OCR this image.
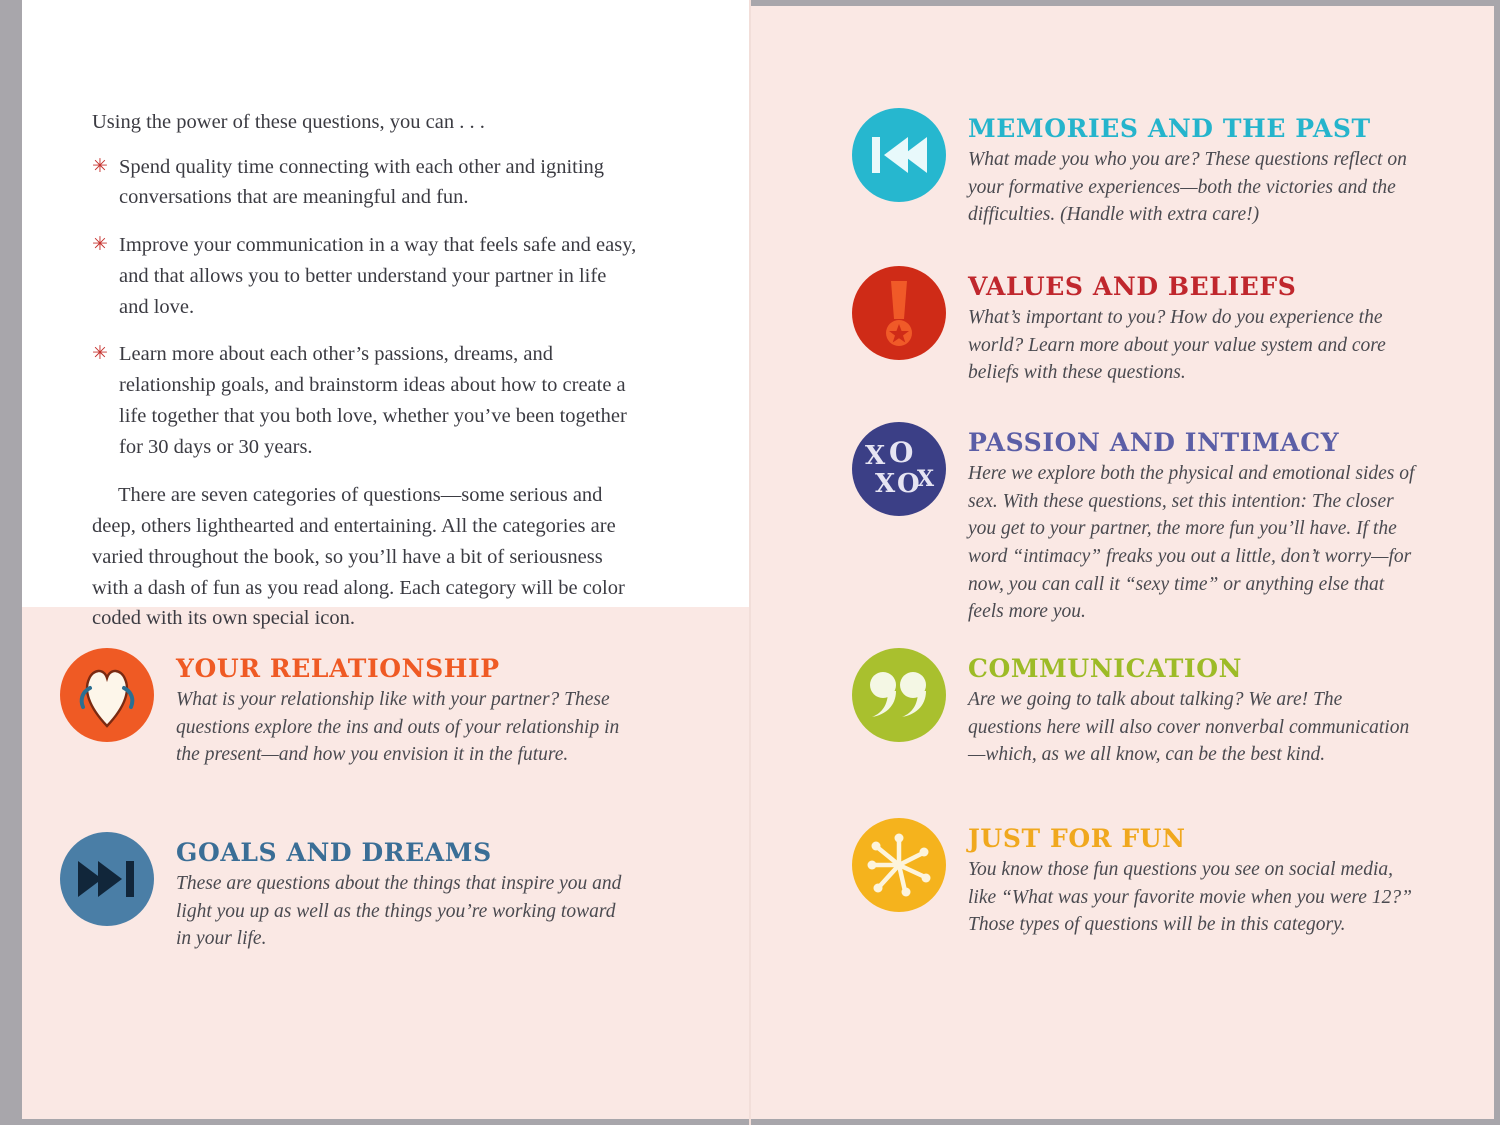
Using the power of these questions, you can . . .

✳ Spend quality time connecting with each other and igniting conversations that are meaningful and fun.
✳ Improve your communication in a way that feels safe and easy, and that allows you to better understand your partner in life and love.
✳ Learn more about each other’s passions, dreams, and relationship goals, and brainstorm ideas about how to create a life together that you both love, whether you’ve been together for 30 days or 30 years.

There are seven categories of questions—some serious and deep, others lighthearted and entertaining. All the categories are varied throughout the book, so you’ll have a bit of seriousness with a dash of fun as you read along. Each category will be color coded with its own special icon.

YOUR RELATIONSHIP

What is your relationship like with your partner? These questions explore the ins and outs of your relationship in the present—and how you envision it in the future.

GOALS AND DREAMS

These are questions about the things that inspire you and light you up as well as the things you’re working toward in your life.

MEMORIES AND THE PAST

What made you who you are? These questions reflect on your formative experiences—both the victories and the difficulties. (Handle with extra care!)

VALUES AND BELIEFS

What’s important to you? How do you experience the world? Learn more about your value system and core beliefs with these questions.

X O
X O
X
PASSION AND INTIMACY

Here we explore both the physical and emotional sides of sex. With these questions, set this intention: The closer you get to your partner, the more fun you’ll have. If the word “intimacy” freaks you out a little, don’t worry—for now, you can call it “sexy time” or anything else that feels more you.

COMMUNICATION

Are we going to talk about talking? We are! The questions here will also cover nonverbal communication—which, as we all know, can be the best kind.

JUST FOR FUN

You know those fun questions you see on social media, like “What was your favorite movie when you were 12?” Those types of questions will be in this category.
